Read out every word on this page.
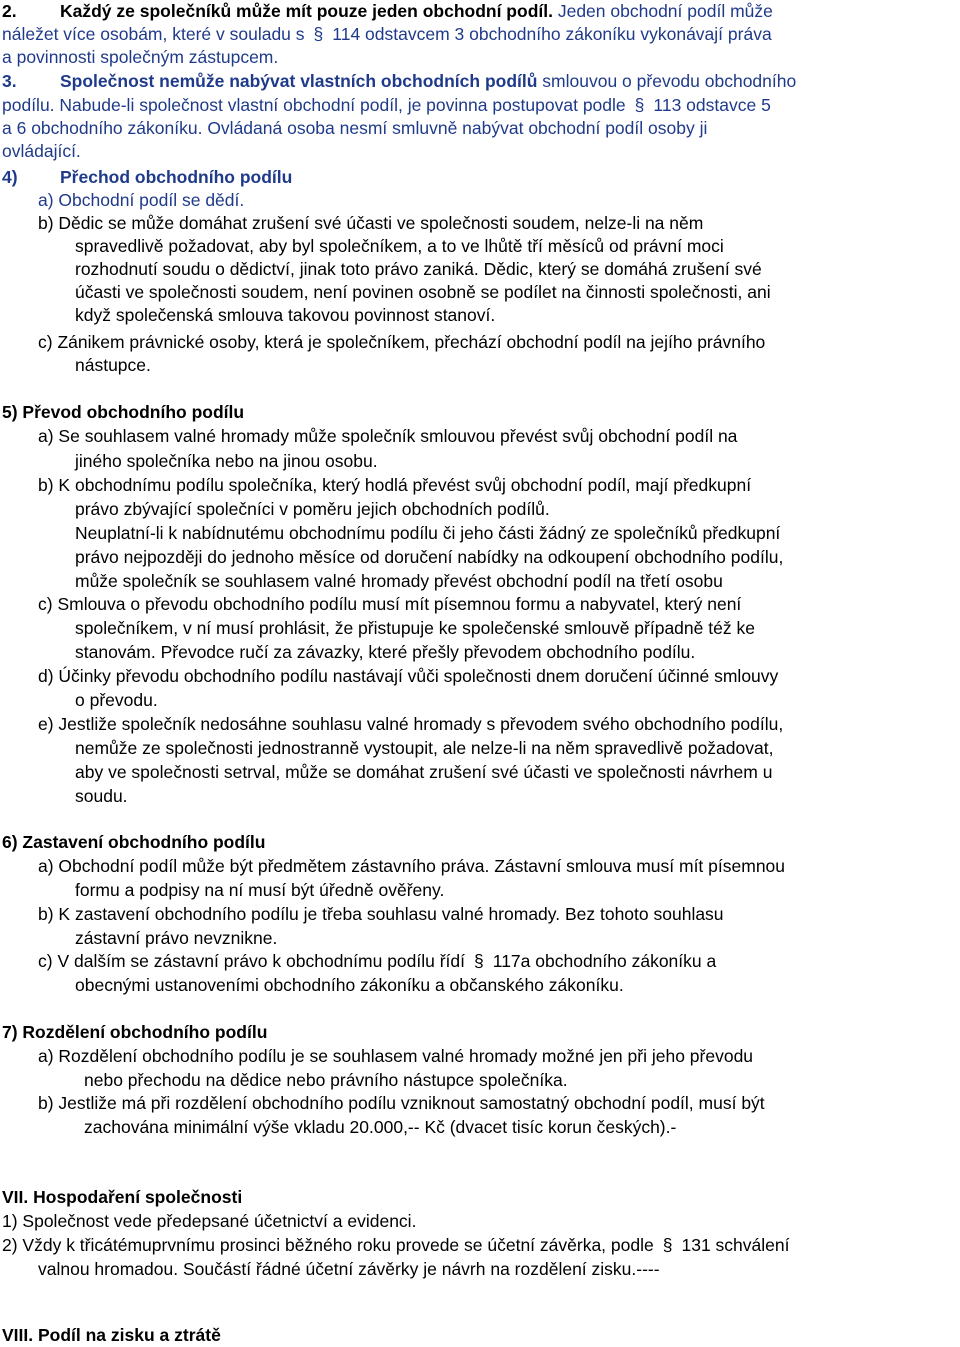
2. Každý ze společníků může mít pouze jeden obchodní podíl. Jeden obchodní podíl může
náležet více osobám, které v souladu s § 114 odstavcem 3 obchodního zákoníku vykonávají práva
a povinnosti společným zástupcem.
3. Společnost nemůže nabývat vlastních obchodních podílů smlouvou o převodu obchodního
podílu. Nabude-li společnost vlastní obchodní podíl, je povinna postupovat podle § 113 odstavce 5
a 6 obchodního zákoníku. Ovládaná osoba nesmí smluvně nabývat obchodní podíl osoby ji
ovládající.
4) Přechod obchodního podílu
a) Obchodní podíl se dědí.
b) Dědic se může domáhat zrušení své účasti ve společnosti soudem, nelze-li na něm
spravedlivě požadovat, aby byl společníkem, a to ve lhůtě tří měsíců od právní moci
rozhodnutí soudu o dědictví, jinak toto právo zaniká. Dědic, který se domáhá zrušení své
účasti ve společnosti soudem, není povinen osobně se podílet na činnosti společnosti, ani
když společenská smlouva takovou povinnost stanoví.
c) Zánikem právnické osoby, která je společníkem, přechází obchodní podíl na jejího právního
nástupce.
5) Převod obchodního podílu
a) Se souhlasem valné hromady může společník smlouvou převést svůj obchodní podíl na
jiného společníka nebo na jinou osobu.
b) K obchodnímu podílu společníka, který hodlá převést svůj obchodní podíl, mají předkupní
právo zbývající společníci v poměru jejich obchodních podílů.
Neuplatní-li k nabídnutému obchodnímu podílu či jeho části žádný ze společníků předkupní
právo nejpozději do jednoho měsíce od doručení nabídky na odkoupení obchodního podílu,
může společník se souhlasem valné hromady převést obchodní podíl na třetí osobu
c) Smlouva o převodu obchodního podílu musí mít písemnou formu a nabyvatel, který není
společníkem, v ní musí prohlásit, že přistupuje ke společenské smlouvě případně též ke
stanovám. Převodce ručí za závazky, které přešly převodem obchodního podílu.
d) Účinky převodu obchodního podílu nastávají vůči společnosti dnem doručení účinné smlouvy
o převodu.
e) Jestliže společník nedosáhne souhlasu valné hromady s převodem svého obchodního podílu,
nemůže ze společnosti jednostranně vystoupit, ale nelze-li na něm spravedlivě požadovat,
aby ve společnosti setrval, může se domáhat zrušení své účasti ve společnosti návrhem u
soudu.
6) Zastavení obchodního podílu
a) Obchodní podíl může být předmětem zástavního práva. Zástavní smlouva musí mít písemnou
formu a podpisy na ní musí být úředně ověřeny.
b) K zastavení obchodního podílu je třeba souhlasu valné hromady. Bez tohoto souhlasu
zástavní právo nevznikne.
c) V dalším se zástavní právo k obchodnímu podílu řídí § 117a obchodního zákoníku a
obecnými ustanoveními obchodního zákoníku a občanského zákoníku.
7) Rozdělení obchodního podílu
a) Rozdělení obchodního podílu je se souhlasem valné hromady možné jen při jeho převodu
nebo přechodu na dědice nebo právního nástupce společníka.
b) Jestliže má při rozdělení obchodního podílu vzniknout samostatný obchodní podíl, musí být
zachována minimální výše vkladu 20.000,-- Kč (dvacet tisíc korun českých).-
VII. Hospodaření společnosti
1) Společnost vede předepsané účetnictví a evidenci.
2) Vždy k třicátémuprvnímu prosinci běžného roku provede se účetní závěrka, podle § 131 schválení
valnou hromadou. Součástí řádné účetní závěrky je návrh na rozdělení zisku.----
VIII. Podíl na zisku a ztrátě
